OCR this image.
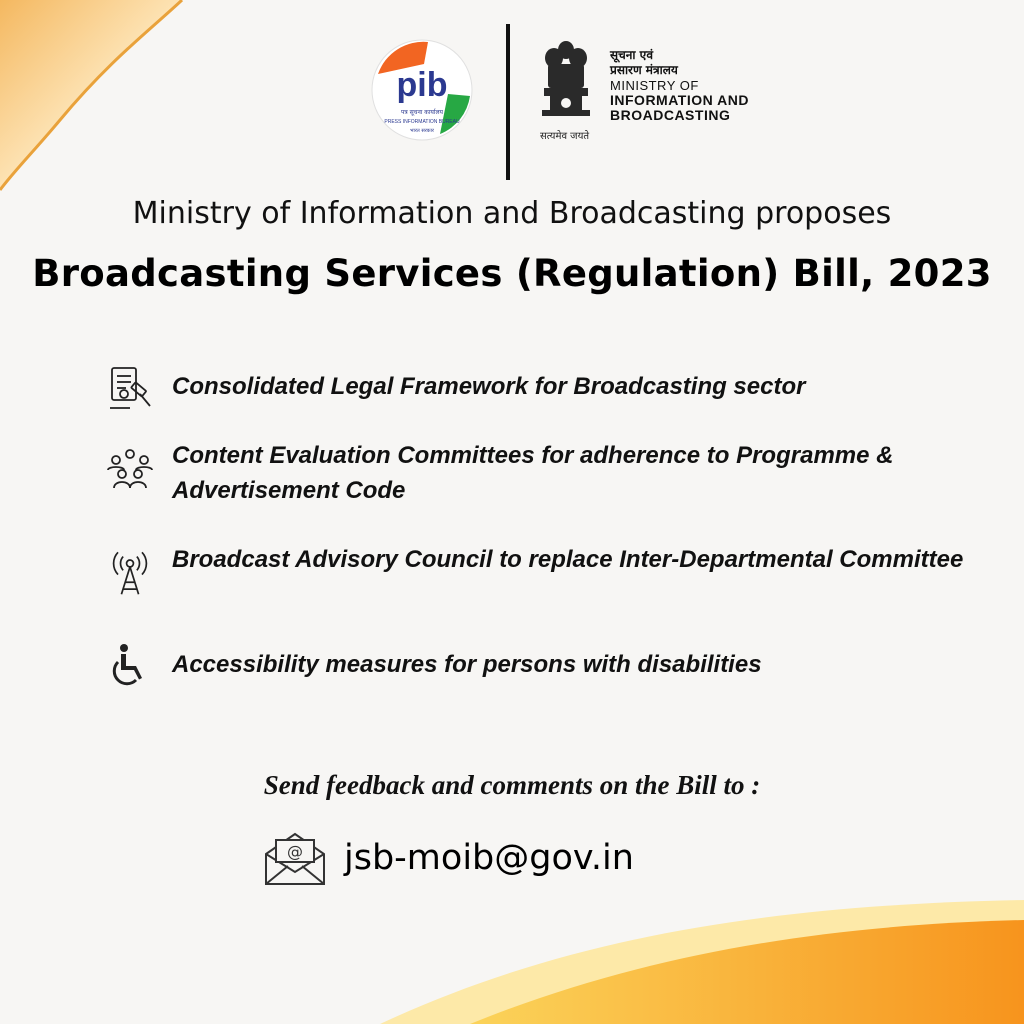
pib
पत्र सूचना कार्यालय
PRESS INFORMATION BUREAU
भारत सरकार	सत्यमेव जयते
सूचना एवं
प्रसारण मंत्रालय
MINISTRY OF
INFORMATION AND
BROADCASTING
Ministry of Information and Broadcasting proposes
Broadcasting Services (Regulation) Bill, 2023
Consolidated Legal Framework for Broadcasting sector
Content Evaluation Committees for adherence to Programme & Advertisement Code
Broadcast Advisory Council to replace Inter-Departmental Committee
Accessibility measures for persons with disabilities
Send feedback and comments on the Bill to :
@ jsb-moib@gov.in
